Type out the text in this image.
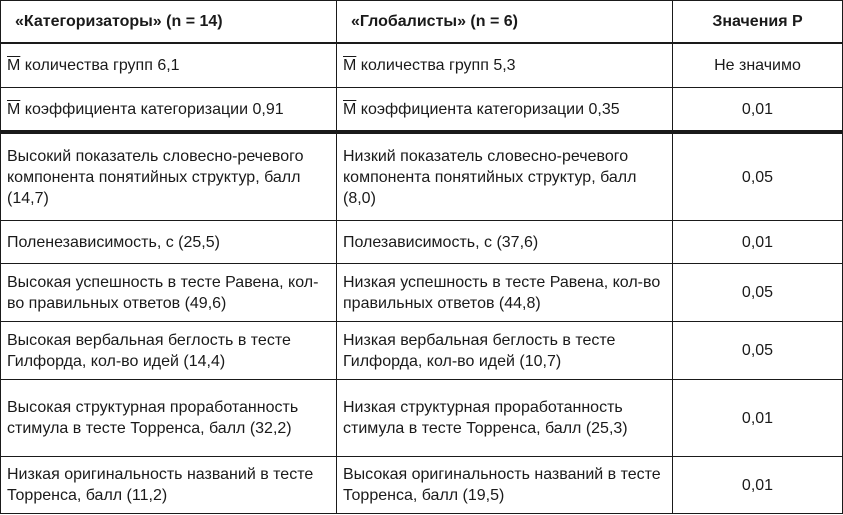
«Категоризаторы» (n = 14)	«Глобалисты» (n = 6)	Значения P
$\overline{M}$ количества групп 6,1	$\overline{M}$ количества групп 5,3	Не значимо
$\overline{M}$ коэффициента категоризации 0,91	$\overline{M}$ коэффициента категоризации 0,35	0,01
Высокий показатель словесно-речевого компонента понятийных структур, балл (14,7)	Низкий показатель словесно-речевого компонента понятийных структур, балл (8,0)	0,05
Поленезависимость, с (25,5)	Полезависимость, с (37,6)	0,01
Высокая успешность в тесте Равена, кол-во правильных ответов (49,6)	Низкая успешность в тесте Равена, кол-во правильных ответов (44,8)	0,05
Высокая вербальная беглость в тесте Гилфорда, кол-во идей (14,4)	Низкая вербальная беглость в тесте Гилфорда, кол-во идей (10,7)	0,05
Высокая структурная проработанность стимула в тесте Торренса, балл (32,2)	Низкая структурная проработанность стимула в тесте Торренса, балл (25,3)	0,01
Низкая оригинальность названий в тесте Торренса, балл (11,2)	Высокая оригинальность названий в тесте Торренса, балл (19,5)	0,01
